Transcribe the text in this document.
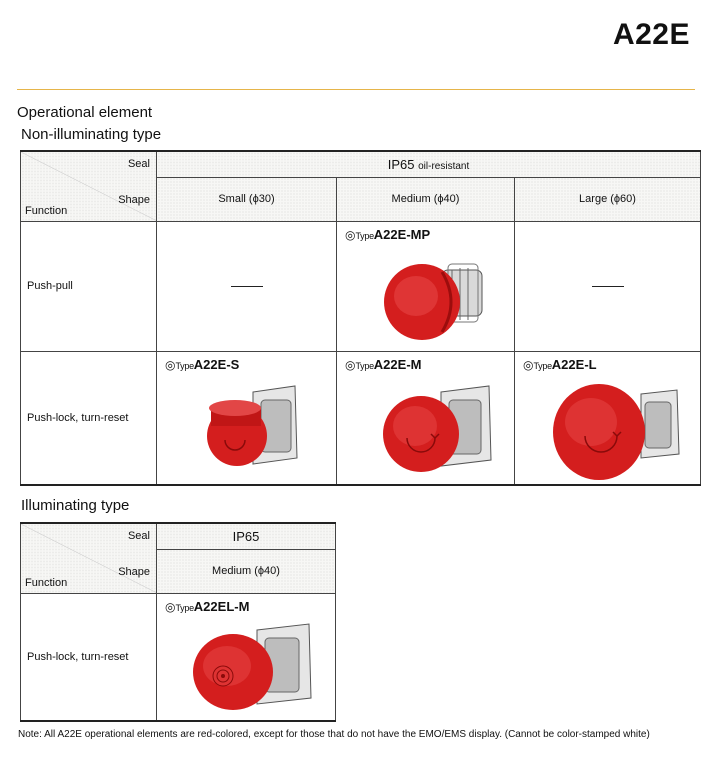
A22E
Operational element
Non-illuminating type
Seal
Shape
Function	IP65 oil-resistant		
	Small (ϕ30)	Medium (ϕ40)	Large (ϕ60)
Push-pull		◎TypeA22E-MP	

Push-lock, turn-reset	◎TypeA22E-S	◎TypeA22E-M	◎TypeA22E-L
Illuminating type
Seal
Shape
Function	IP65
	Medium (ϕ40)
Push-lock, turn-reset	◎TypeA22EL-M
Note: All A22E operational elements are red-colored, except for those that do not have the EMO/EMS display. (Cannot be color-stamped white)
